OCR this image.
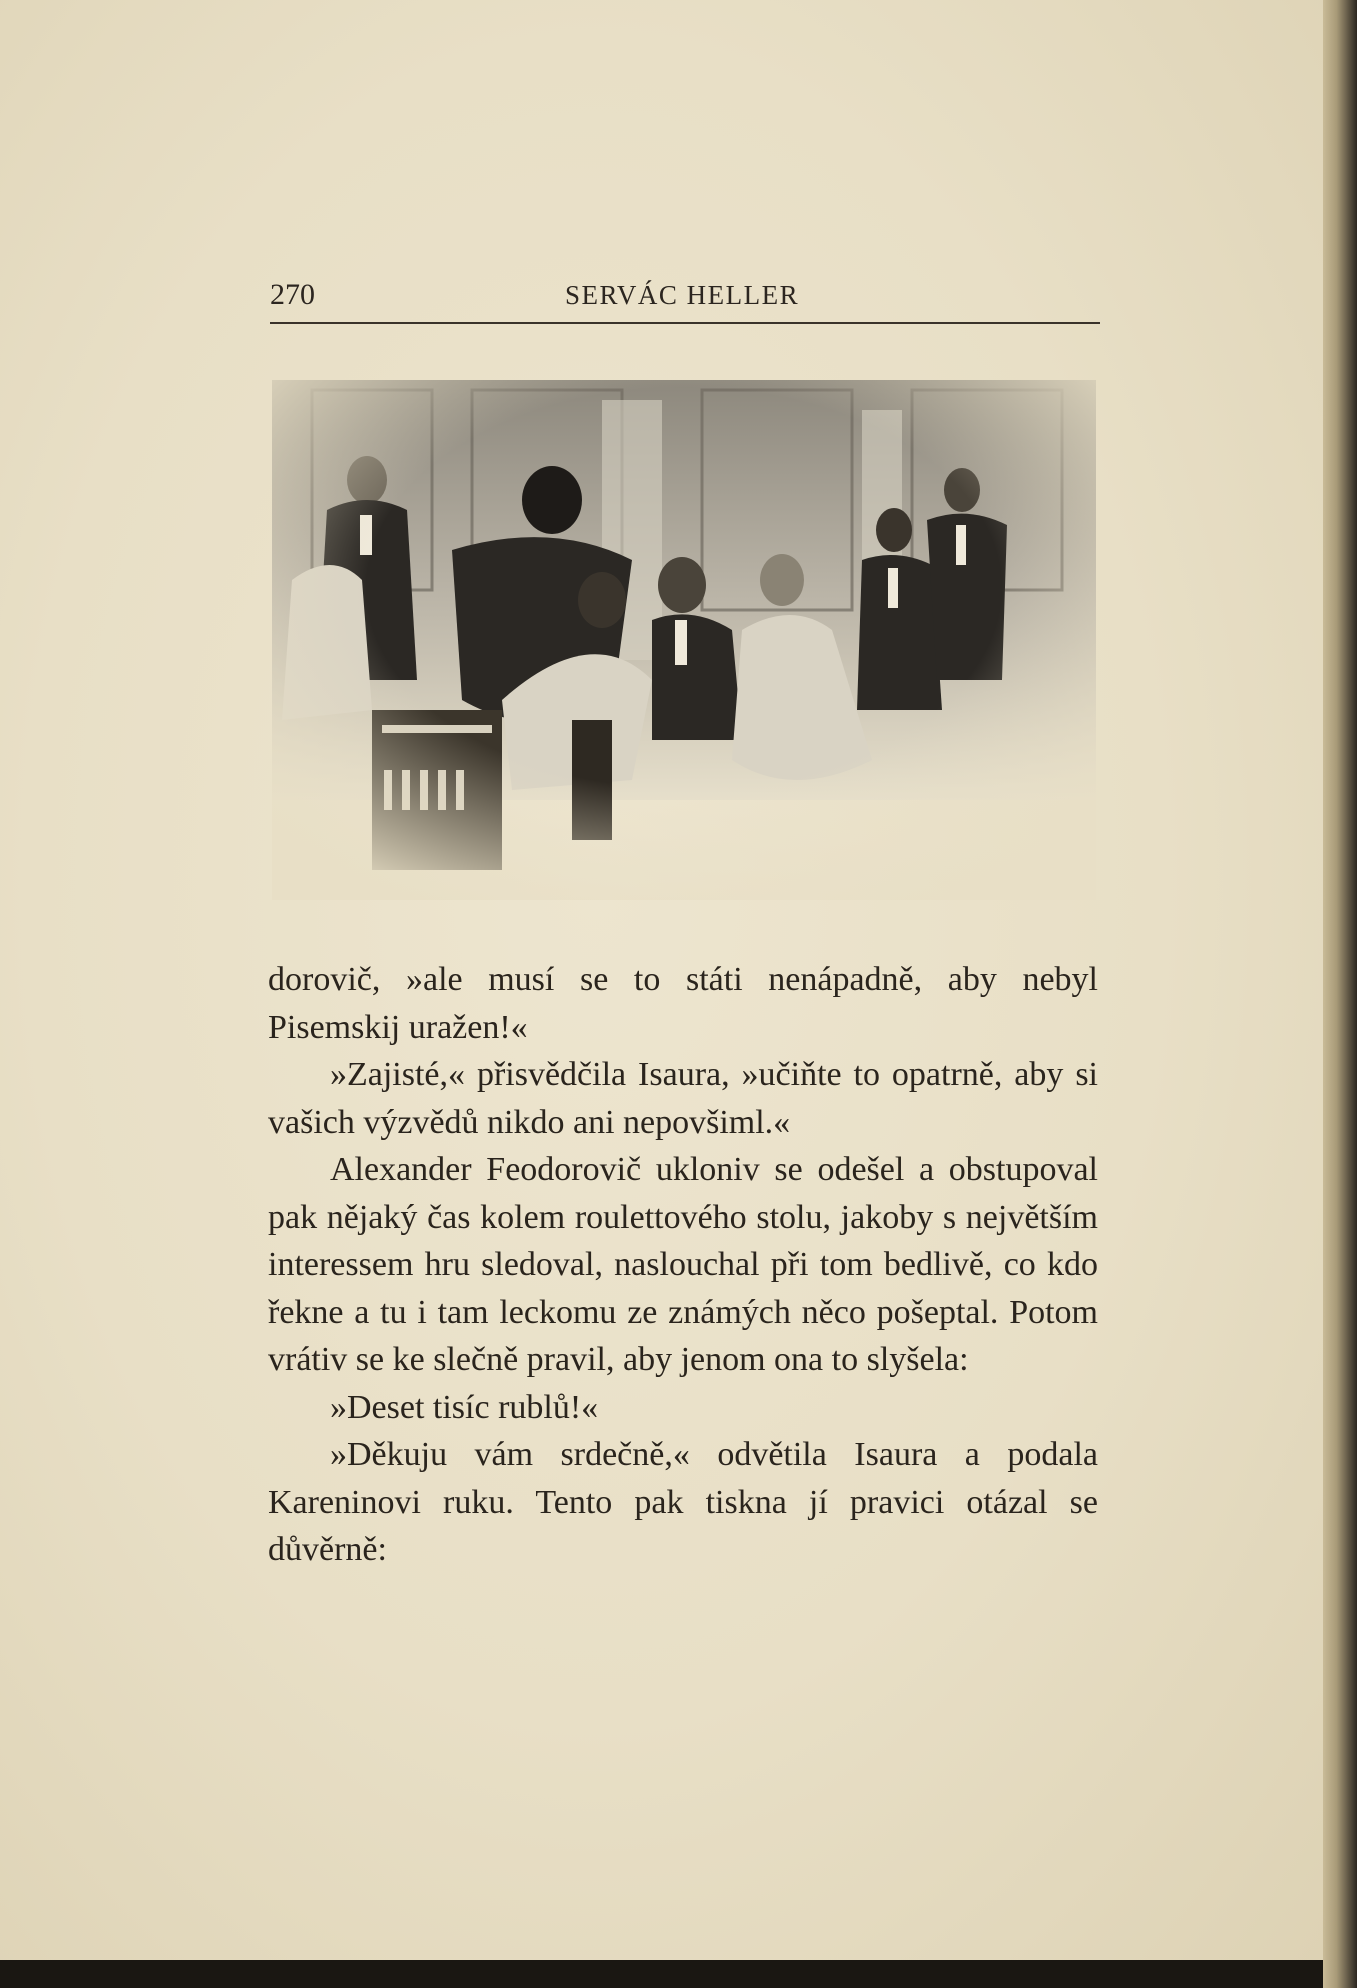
270	SERVÁC HELLER

dorovič, »ale musí se to státi nenápadně, aby nebyl Pisemskij uražen!«

»Zajisté,« přisvědčila Isaura, »učiňte to opatrně, aby si vašich výzvědů nikdo ani nepovšiml.«

Alexander Feodorovič ukloniv se odešel a obstupoval pak nějaký čas kolem roulettového stolu, jakoby s největším interessem hru sledoval, naslouchal při tom bedlivě, co kdo řekne a tu i tam leckomu ze známých něco pošeptal. Potom vrátiv se ke slečně pravil, aby jenom ona to slyšela:

»Deset tisíc rublů!«

»Děkuju vám srdečně,« odvětila Isaura a podala Kareninovi ruku. Tento pak tiskna jí pravici otázal se důvěrně:
